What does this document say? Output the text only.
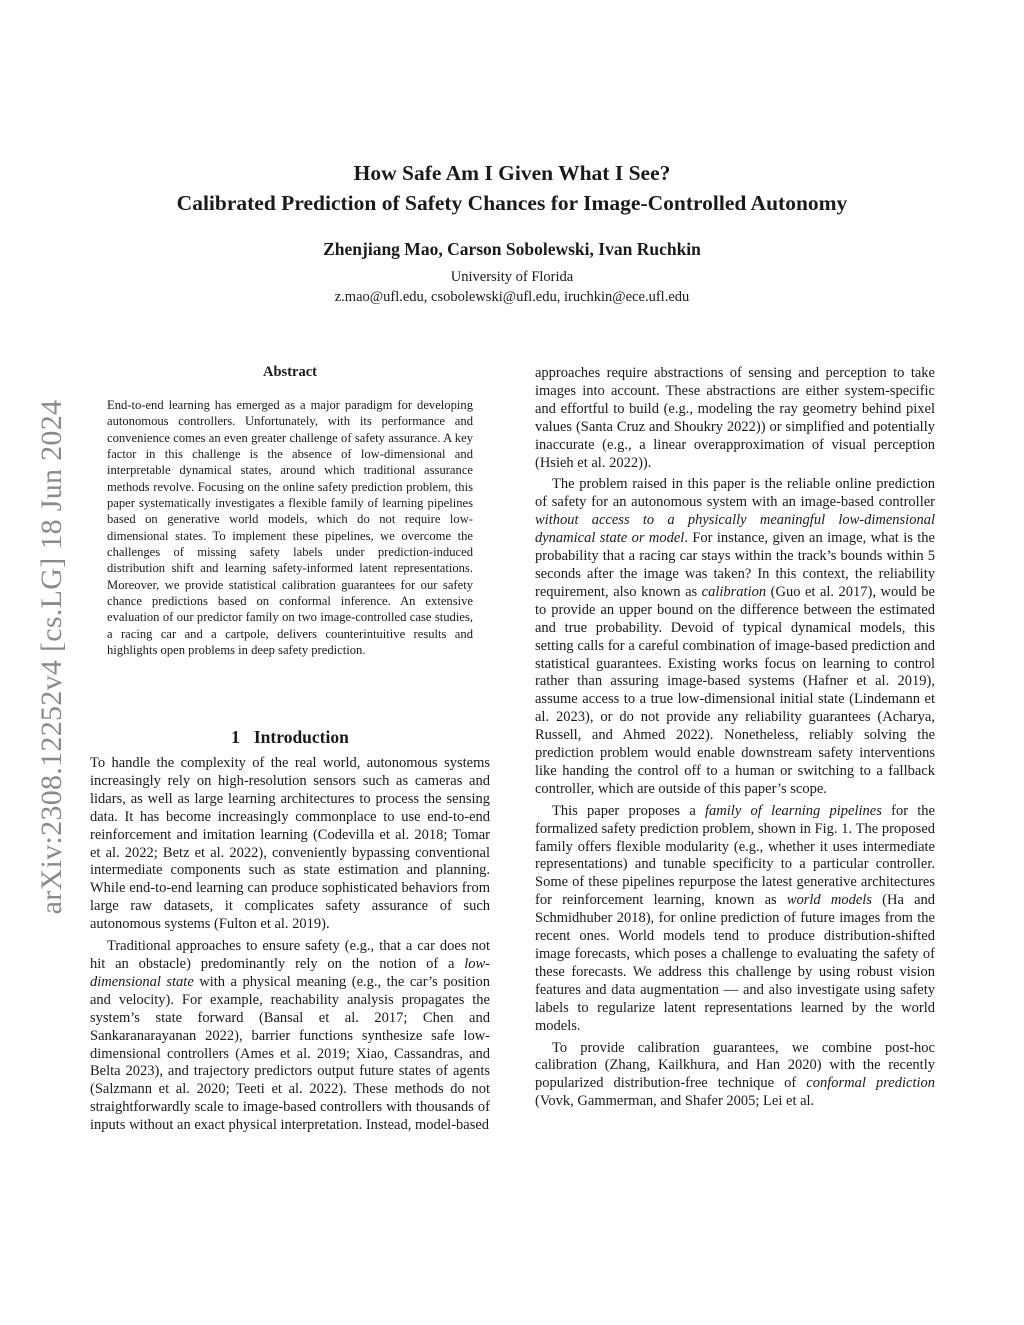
How Safe Am I Given What I See?
Calibrated Prediction of Safety Chances for Image-Controlled Autonomy
Zhenjiang Mao, Carson Sobolewski, Ivan Ruchkin
University of Florida
z.mao@ufl.edu, csobolewski@ufl.edu, iruchkin@ece.ufl.edu
arXiv:2308.12252v4 [cs.LG] 18 Jun 2024
Abstract

End-to-end learning has emerged as a major paradigm for developing autonomous controllers. Unfortunately, with its performance and convenience comes an even greater challenge of safety assurance. A key factor in this challenge is the absence of low-dimensional and interpretable dynamical states, around which traditional assurance methods revolve. Focusing on the online safety prediction problem, this paper systematically investigates a flexible family of learning pipelines based on generative world models, which do not require low-dimensional states. To implement these pipelines, we overcome the challenges of missing safety labels under prediction-induced distribution shift and learning safety-informed latent representations. Moreover, we provide statistical calibration guarantees for our safety chance predictions based on conformal inference. An extensive evaluation of our predictor family on two image-controlled case studies, a racing car and a cartpole, delivers counterintuitive results and highlights open problems in deep safety prediction.

1 Introduction

To handle the complexity of the real world, autonomous systems increasingly rely on high-resolution sensors such as cameras and lidars, as well as large learning architectures to process the sensing data. It has become increasingly commonplace to use end-to-end reinforcement and imitation learning (Codevilla et al. 2018; Tomar et al. 2022; Betz et al. 2022), conveniently bypassing conventional intermediate components such as state estimation and planning. While end-to-end learning can produce sophisticated behaviors from large raw datasets, it complicates safety assurance of such autonomous systems (Fulton et al. 2019).

Traditional approaches to ensure safety (e.g., that a car does not hit an obstacle) predominantly rely on the notion of a low-dimensional state with a physical meaning (e.g., the car’s position and velocity). For example, reachability analysis propagates the system’s state forward (Bansal et al. 2017; Chen and Sankaranarayanan 2022), barrier functions synthesize safe low-dimensional controllers (Ames et al. 2019; Xiao, Cassandras, and Belta 2023), and trajectory predictors output future states of agents (Salzmann et al. 2020; Teeti et al. 2022). These methods do not straightforwardly scale to image-based controllers with thousands of inputs without an exact physical interpretation. Instead, model-based

approaches require abstractions of sensing and perception to take images into account. These abstractions are either system-specific and effortful to build (e.g., modeling the ray geometry behind pixel values (Santa Cruz and Shoukry 2022)) or simplified and potentially inaccurate (e.g., a linear overapproximation of visual perception (Hsieh et al. 2022)).

The problem raised in this paper is the reliable online prediction of safety for an autonomous system with an image-based controller without access to a physically meaningful low-dimensional dynamical state or model. For instance, given an image, what is the probability that a racing car stays within the track’s bounds within 5 seconds after the image was taken? In this context, the reliability requirement, also known as calibration (Guo et al. 2017), would be to provide an upper bound on the difference between the estimated and true probability. Devoid of typical dynamical models, this setting calls for a careful combination of image-based prediction and statistical guarantees. Existing works focus on learning to control rather than assuring image-based systems (Hafner et al. 2019), assume access to a true low-dimensional initial state (Lindemann et al. 2023), or do not provide any reliability guarantees (Acharya, Russell, and Ahmed 2022). Nonetheless, reliably solving the prediction problem would enable downstream safety interventions like handing the control off to a human or switching to a fallback controller, which are outside of this paper’s scope.

This paper proposes a family of learning pipelines for the formalized safety prediction problem, shown in Fig. 1. The proposed family offers flexible modularity (e.g., whether it uses intermediate representations) and tunable specificity to a particular controller. Some of these pipelines repurpose the latest generative architectures for reinforcement learning, known as world models (Ha and Schmidhuber 2018), for online prediction of future images from the recent ones. World models tend to produce distribution-shifted image forecasts, which poses a challenge to evaluating the safety of these forecasts. We address this challenge by using robust vision features and data augmentation — and also investigate using safety labels to regularize latent representations learned by the world models.

To provide calibration guarantees, we combine post-hoc calibration (Zhang, Kailkhura, and Han 2020) with the recently popularized distribution-free technique of conformal prediction (Vovk, Gammerman, and Shafer 2005; Lei et al.
